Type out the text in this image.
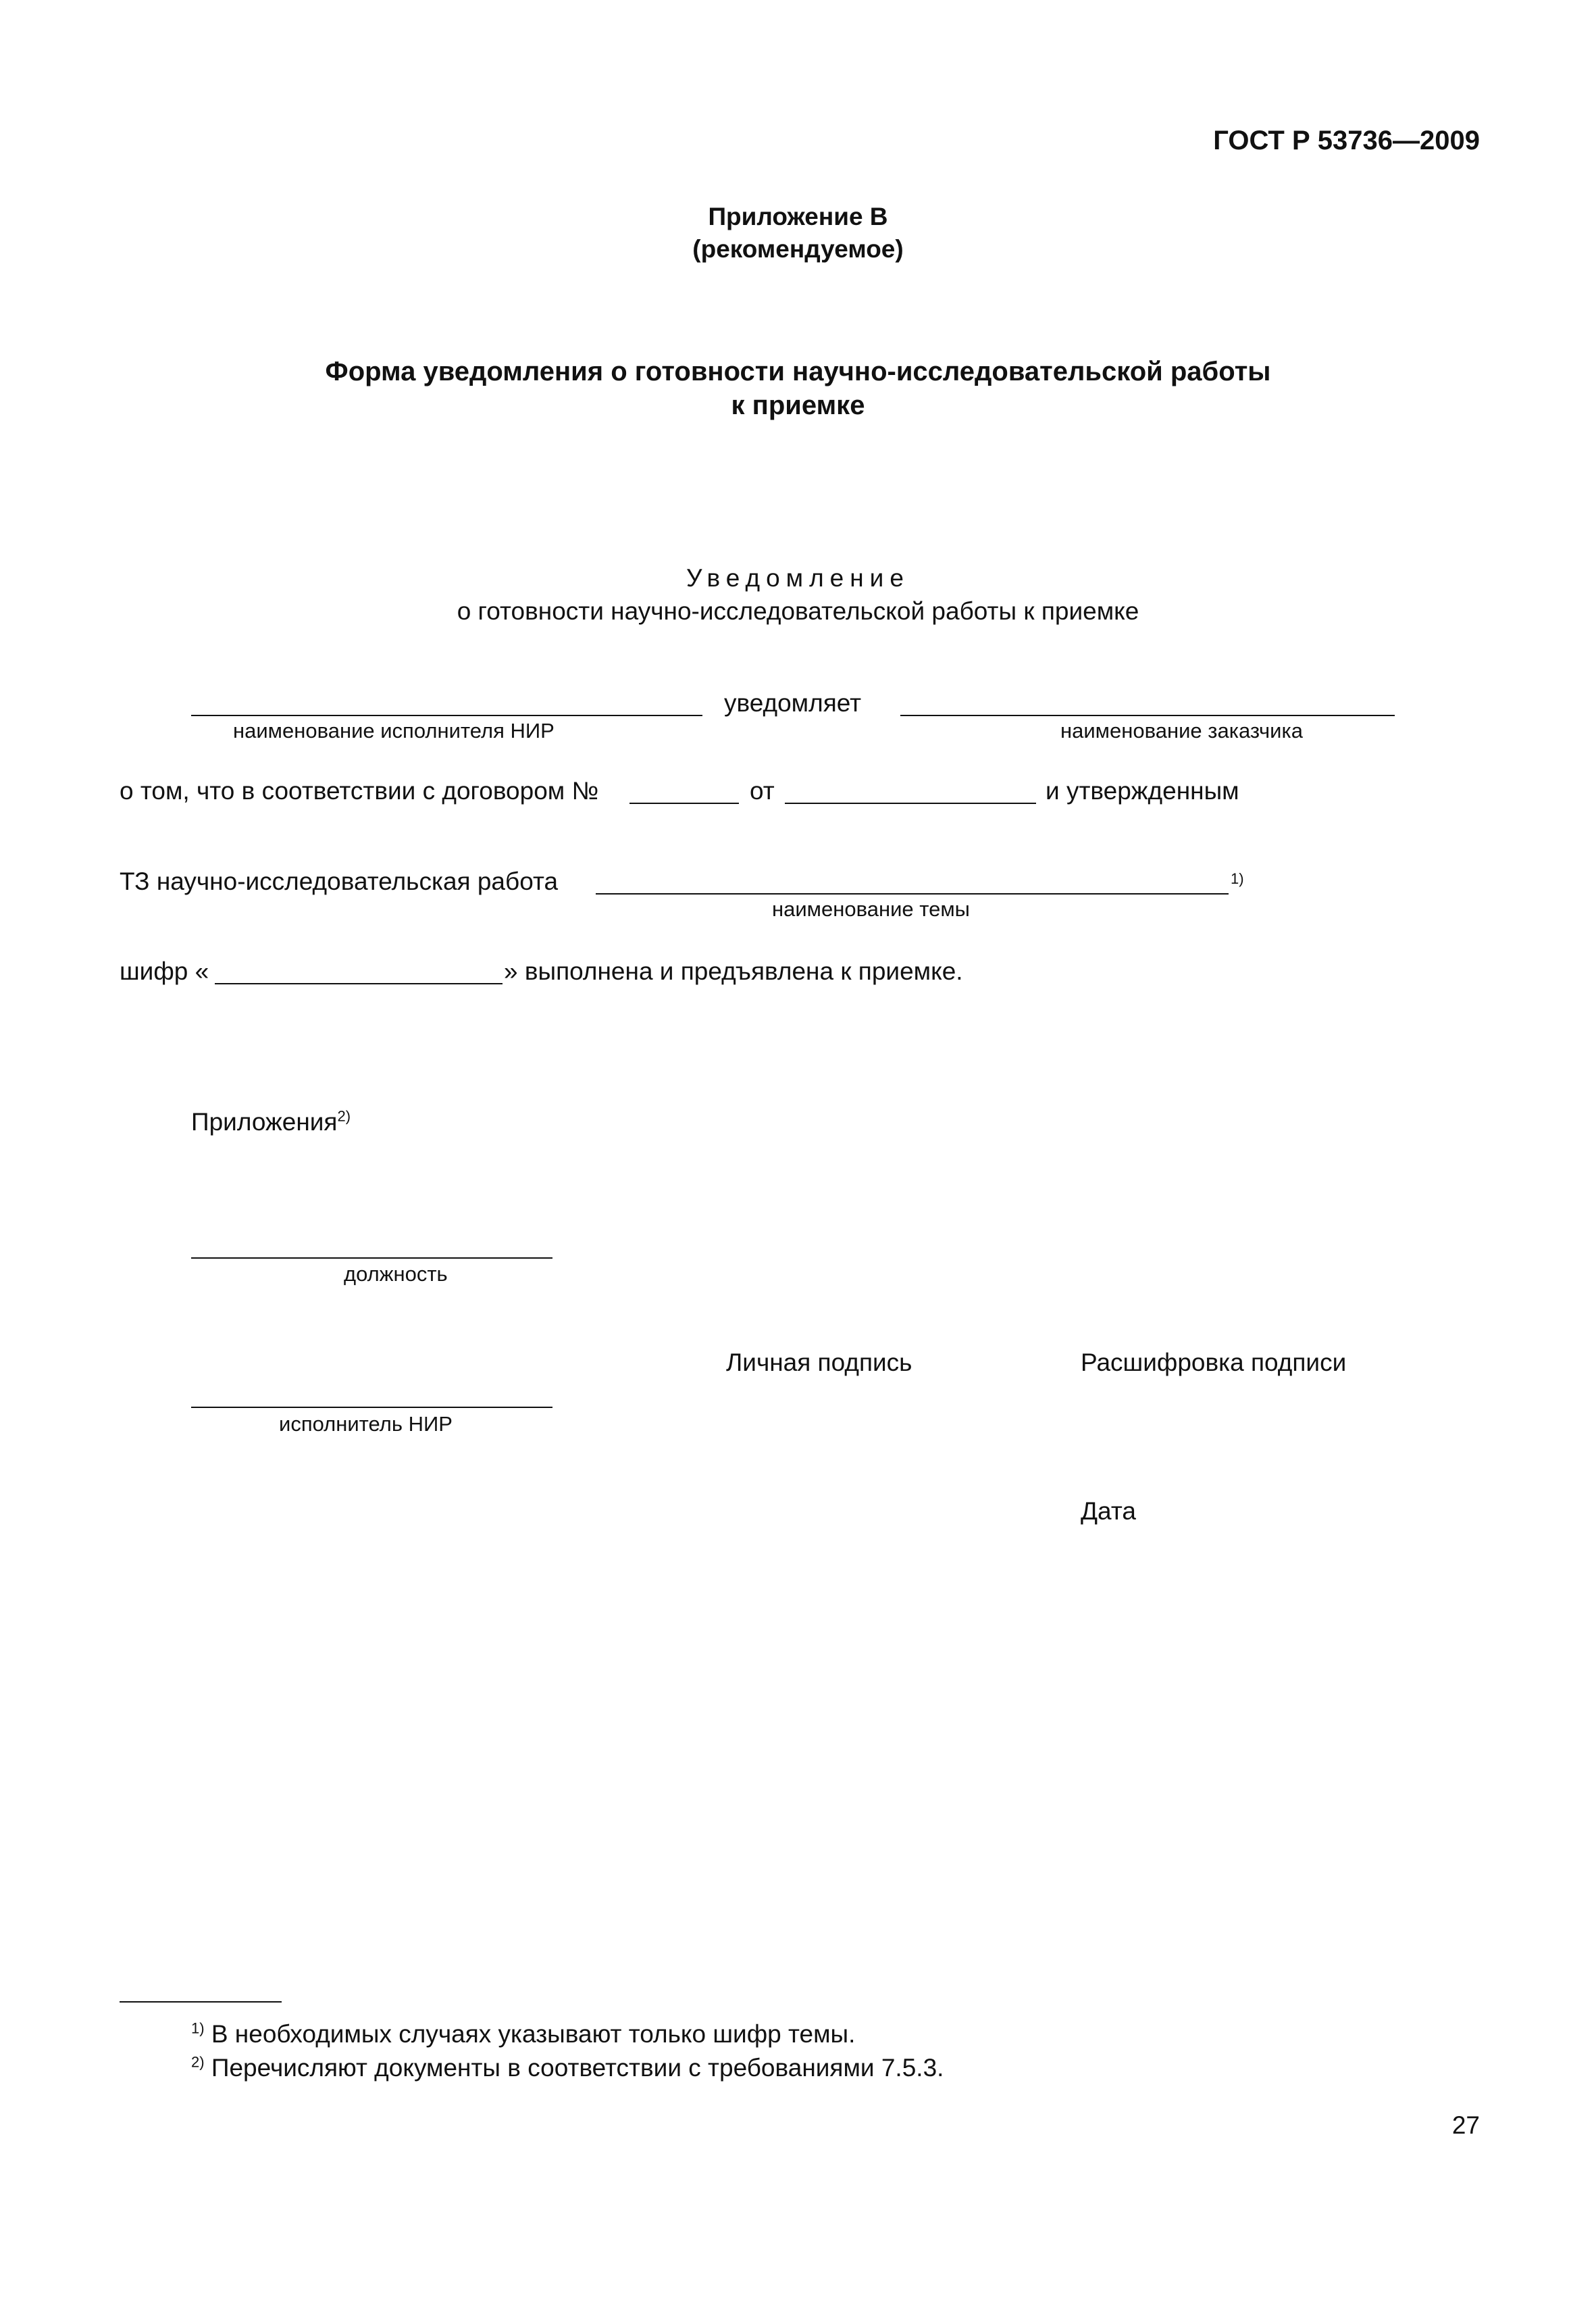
ГОСТ Р 53736—2009
Приложение В
(рекомендуемое)
Форма уведомления о готовности научно-исследовательской работы
к приемке
Уведомление
о готовности научно-исследовательской работы к приемке
уведомляет
наименование исполнителя НИР	наименование заказчика
о том, что в соответствии с договором №	от	и утвержденным
ТЗ научно-исследовательская работа	1)
наименование темы
шифр «	» выполнена и предъявлена к приемке.
Приложения$^{2)}$
должность
Личная подпись	Расшифровка подписи
исполнитель НИР
Дата
$^{1)}$ В необходимых случаях указывают только шифр темы.
$^{2)}$ Перечисляют документы в соответствии с требованиями 7.5.3.
27
